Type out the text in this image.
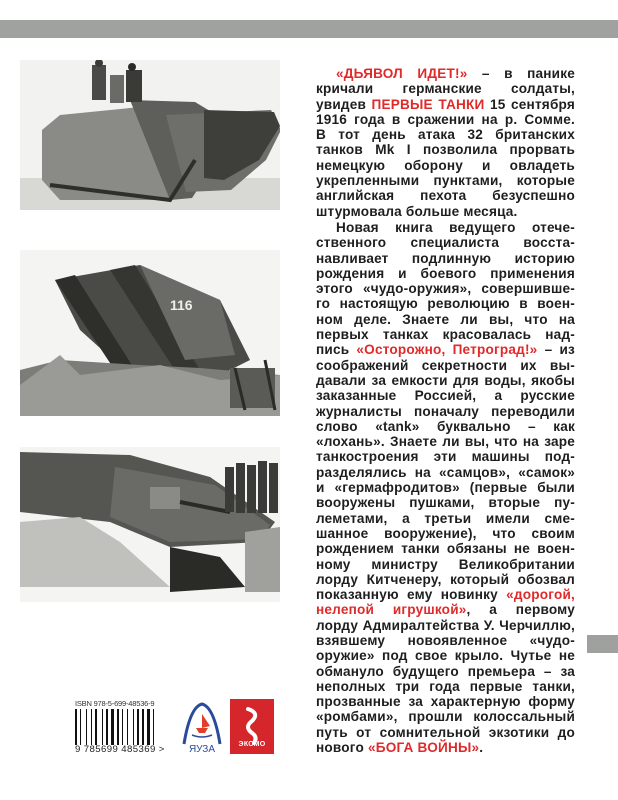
116

«ДЬЯВОЛ ИДЕТ!» – в панике
кричали германские солдаты,
увидев ПЕРВЫЕ ТАНКИ 15 сентября
1916 года в сражении на р. Сомме.
В тот день атака 32 британских
танков Mk I позволила прорвать
немецкую оборону и овладеть
укрепленными пунктами, которые
английская пехота безуспешно
штурмовала больше месяца.

Новая книга ведущего отече-
ственного специалиста восста-
навливает подлинную историю
рождения и боевого применения
этого «чудо-оружия», совершивше-
го настоящую революцию в воен-
ном деле. Знаете ли вы, что на
первых танках красовалась над-
пись «Осторожно, Петроград!» – из
соображений секретности их вы-
давали за емкости для воды, якобы
заказанные Россией, а русские
журналисты поначалу переводили
слово «tank» буквально – как
«лохань». Знаете ли вы, что на заре
танкостроения эти машины под-
разделялись на «самцов», «самок»
и «гермафродитов» (первые были
вооружены пушками, вторые пу-
леметами, а третьи имели сме-
шанное вооружение), что своим
рождением танки обязаны не воен-
ному министру Великобритании
лорду Китченеру, который обозвал
показанную ему новинку «дорогой,
нелепой игрушкой», а первому
лорду Адмиралтейства У. Черчиллю,
взявшему новоявленное «чудо-
оружие» под свое крыло. Чутье не
обмануло будущего премьера – за
неполных три года первые танки,
прозванные за характерную форму
«ромбами», прошли колоссальный
путь от сомнительной экзотики до
нового «БОГА ВОЙНЫ».

ISBN 978-5-699-48536-9
9 785699 485369 > ЯУЗА	ЭКСМО
